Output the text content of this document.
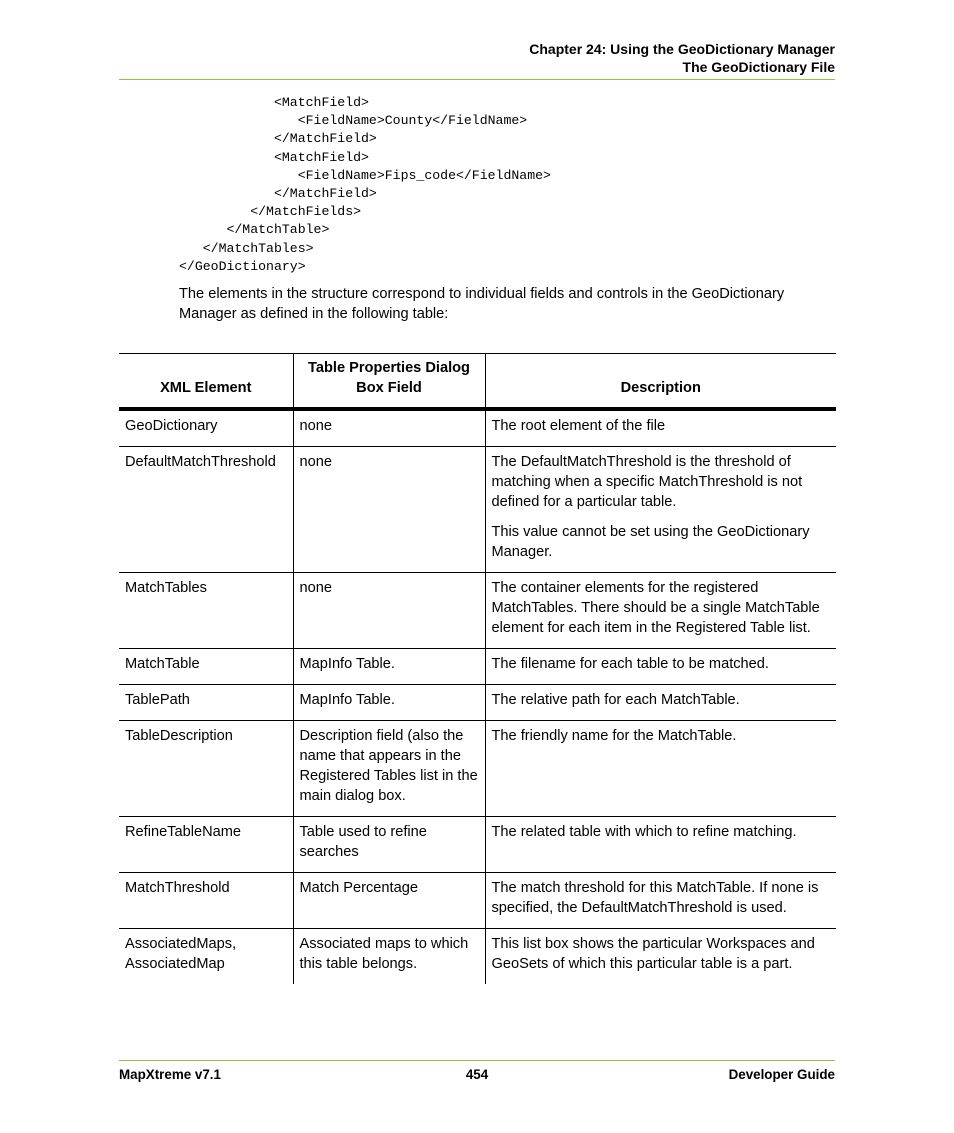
Chapter 24: Using the GeoDictionary Manager
The GeoDictionary File
<MatchField>
<FieldName>County</FieldName>
</MatchField>
<MatchField>
<FieldName>Fips_code</FieldName>
</MatchField>
</MatchFields>
</MatchTable>
</MatchTables>
</GeoDictionary>

The elements in the structure correspond to individual fields and controls in the GeoDictionary Manager as defined in the following table:

XML Element	Table Properties Dialog Box Field	Description
GeoDictionary	none	The root element of the file

DefaultMatchThreshold	none	The DefaultMatchThreshold is the threshold of matching when a specific MatchThreshold is not defined for a particular table.

This value cannot be set using the GeoDictionary Manager.

MatchTables	none	The container elements for the registered MatchTables. There should be a single MatchTable element for each item in the Registered Table list.

MatchTable	MapInfo Table.	The filename for each table to be matched.

TablePath	MapInfo Table.	The relative path for each MatchTable.

TableDescription	Description field (also the name that appears in the Registered Tables list in the main dialog box.	The friendly name for the MatchTable.

RefineTableName	Table used to refine searches	The related table with which to refine matching.

MatchThreshold	Match Percentage	The match threshold for this MatchTable. If none is specified, the DefaultMatchThreshold is used.

AssociatedMaps, AssociatedMap	Associated maps to which this table belongs.	This list box shows the particular Workspaces and GeoSets of which this particular table is a part.

454
MapXtreme v7.1	Developer Guide
